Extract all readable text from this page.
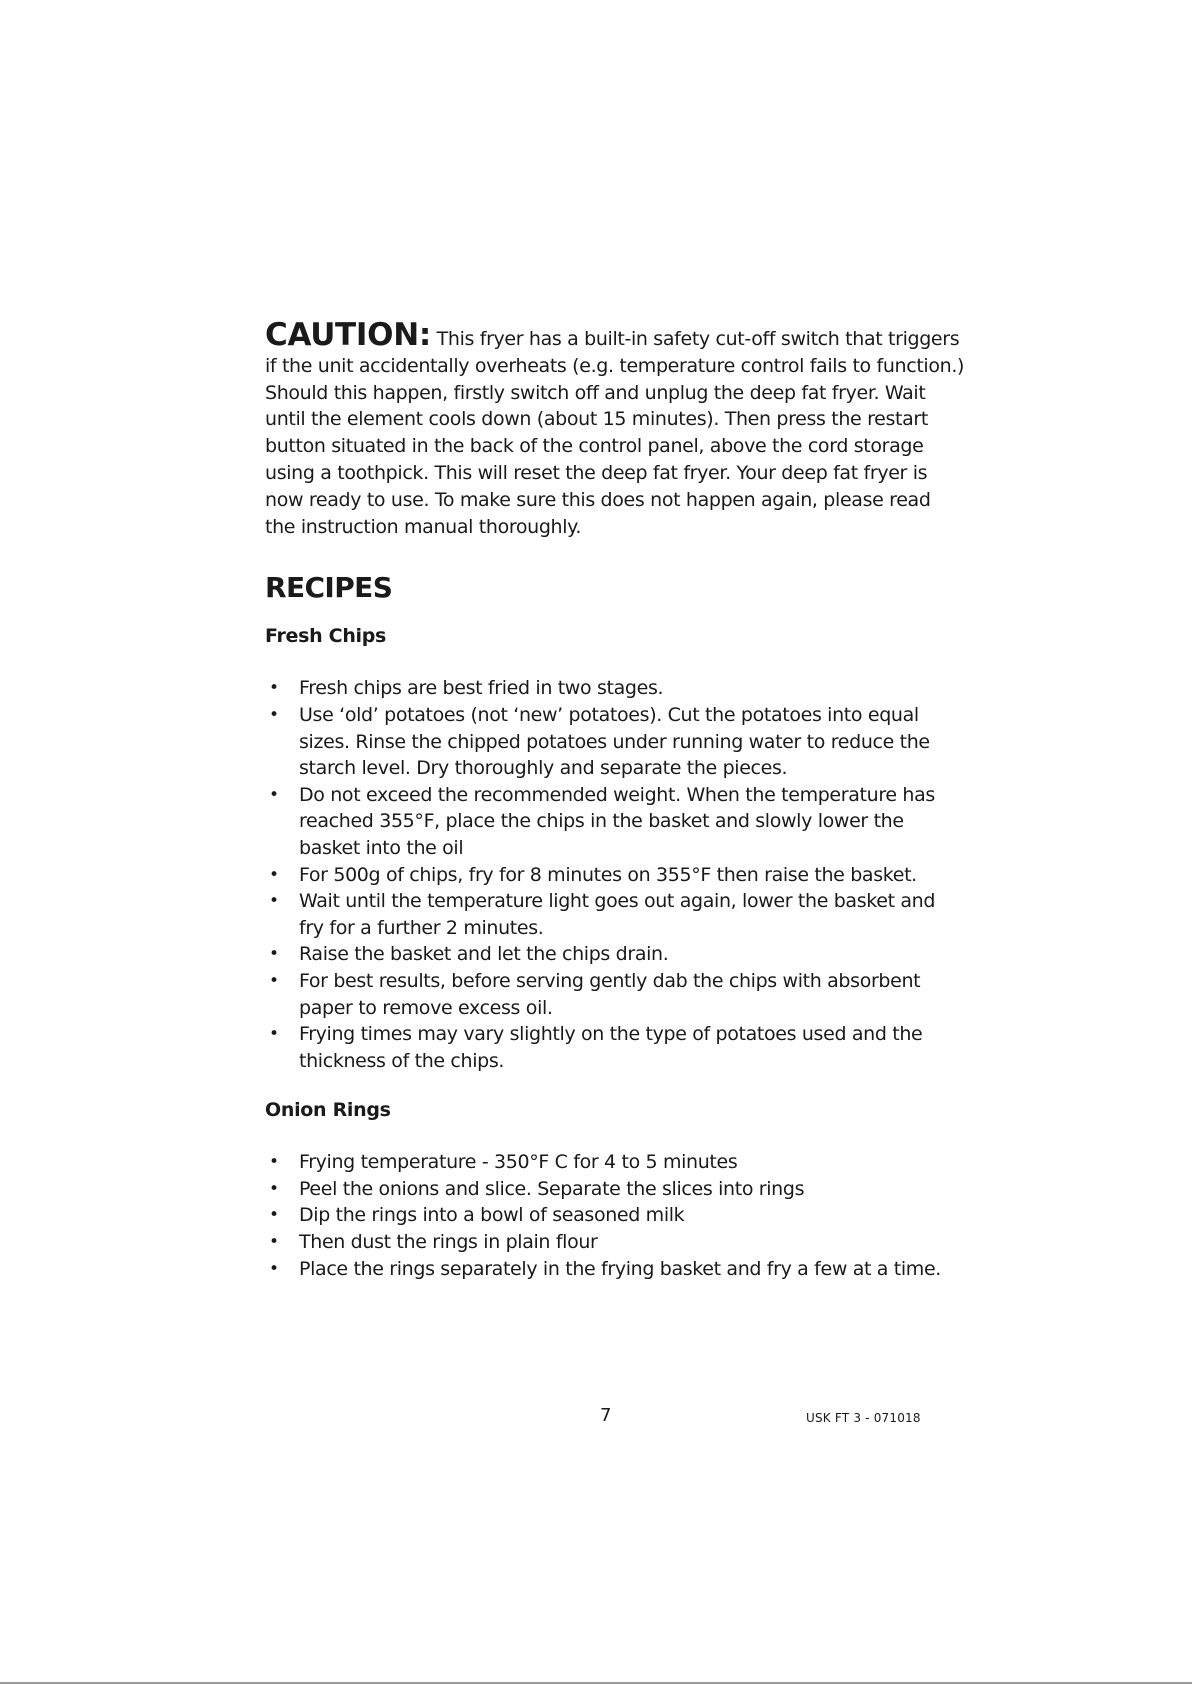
CAUTION: This fryer has a built-in safety cut-off switch that triggers if the unit accidentally overheats (e.g. temperature control fails to function.) Should this happen, firstly switch off and unplug the deep fat fryer. Wait until the element cools down (about 15 minutes). Then press the restart button situated in the back of the control panel, above the cord storage using a toothpick. This will reset the deep fat fryer. Your deep fat fryer is now ready to use. To make sure this does not happen again, please read the instruction manual thoroughly.

RECIPES
Fresh Chips
• Fresh chips are best fried in two stages.
• Use ‘old’ potatoes (not ‘new’ potatoes). Cut the potatoes into equal sizes. Rinse the chipped potatoes under running water to reduce the starch level. Dry thoroughly and separate the pieces.
• Do not exceed the recommended weight. When the temperature has reached 355°F, place the chips in the basket and slowly lower the basket into the oil
• For 500g of chips, fry for 8 minutes on 355°F then raise the basket.
• Wait until the temperature light goes out again, lower the basket and fry for a further 2 minutes.
• Raise the basket and let the chips drain.
• For best results, before serving gently dab the chips with absorbent paper to remove excess oil.
• Frying times may vary slightly on the type of potatoes used and the thickness of the chips.
Onion Rings
• Frying temperature - 350°F C for 4 to 5 minutes
• Peel the onions and slice. Separate the slices into rings
• Dip the rings into a bowl of seasoned milk
• Then dust the rings in plain flour
• Place the rings separately in the frying basket and fry a few at a time.
7	USK FT 3 - 071018
